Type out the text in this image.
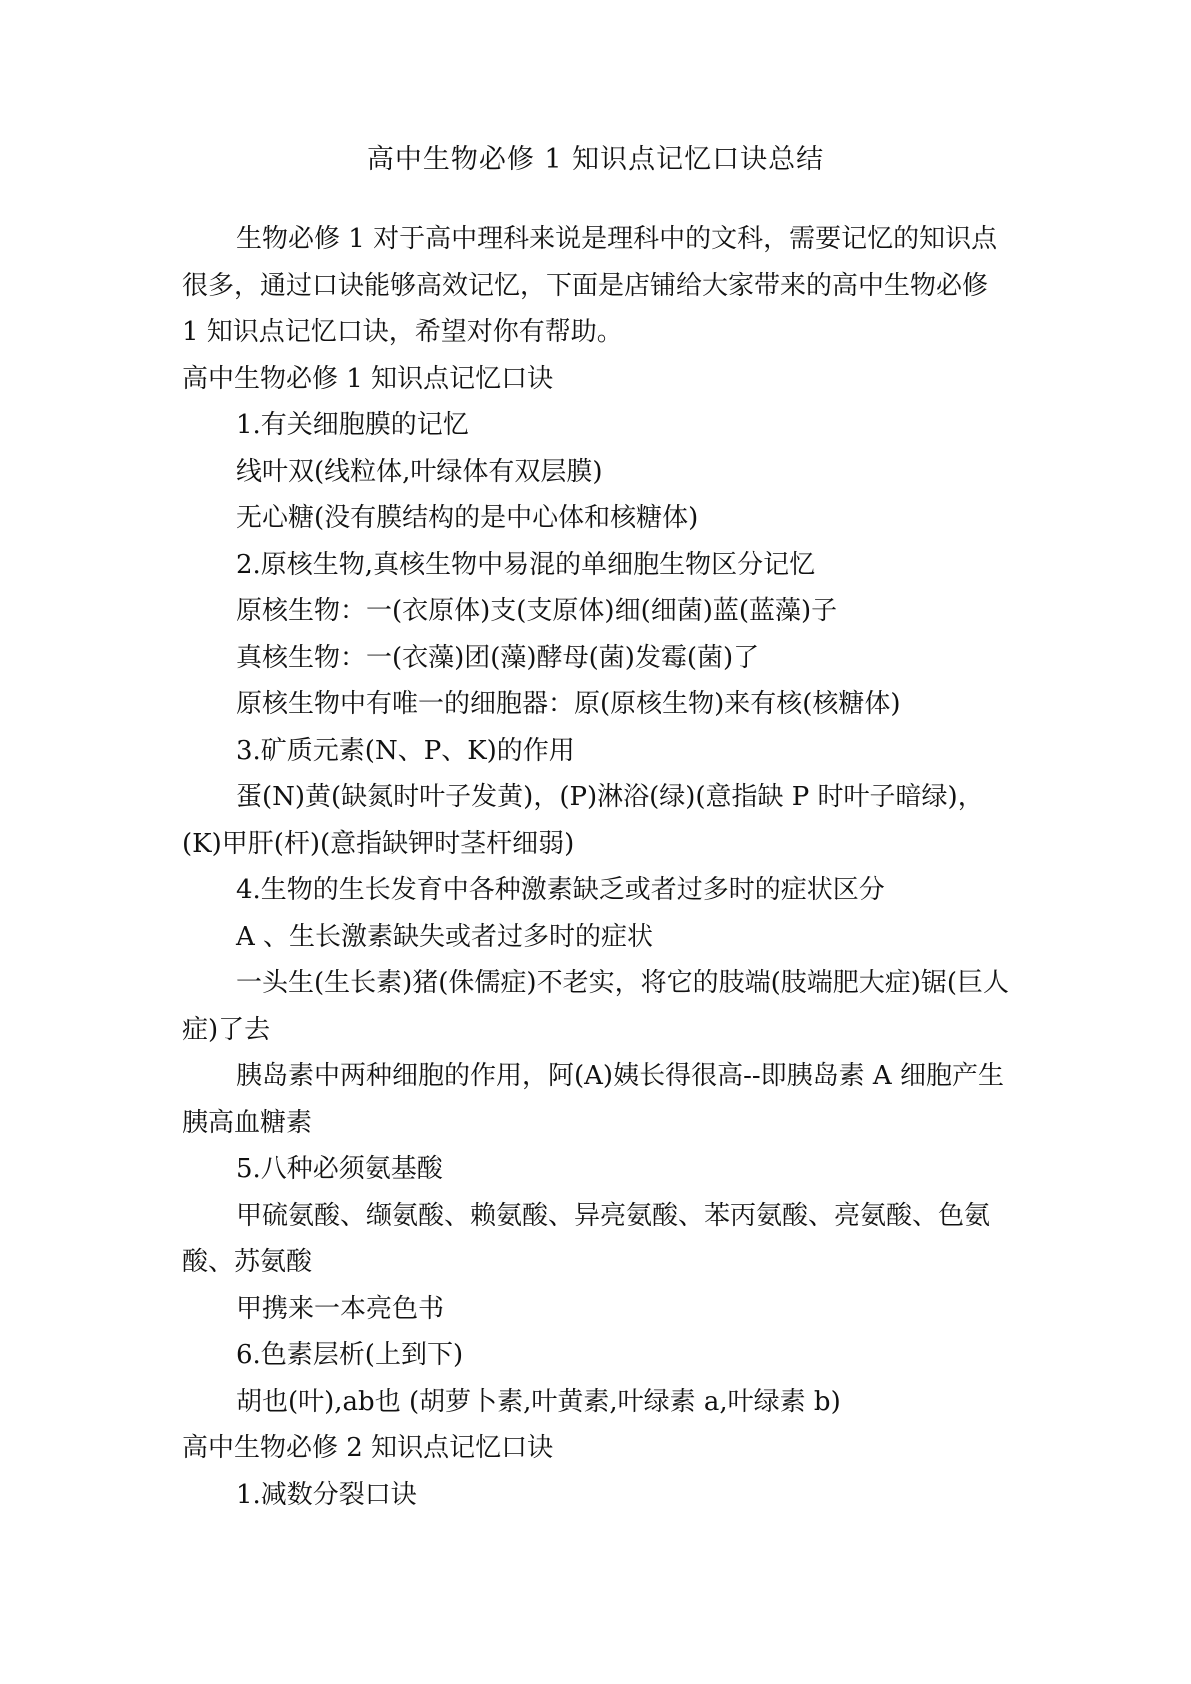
高中生物必修 1 知识点记忆口诀总结

生物必修 1 对于高中理科来说是理科中的文科，需要记忆的知识点很多，通过口诀能够高效记忆，下面是店铺给大家带来的高中生物必修 1 知识点记忆口诀，希望对你有帮助。

高中生物必修 1 知识点记忆口诀

1.有关细胞膜的记忆

线叶双(线粒体,叶绿体有双层膜)

无心糖(没有膜结构的是中心体和核糖体)

2.原核生物,真核生物中易混的单细胞生物区分记忆

原核生物：一(衣原体)支(支原体)细(细菌)蓝(蓝藻)子

真核生物：一(衣藻)团(藻)酵母(菌)发霉(菌)了

原核生物中有唯一的细胞器：原(原核生物)来有核(核糖体)

3.矿质元素(N、P、K)的作用

蛋(N)黄(缺氮时叶子发黄)，(P)淋浴(绿)(意指缺 P 时叶子暗绿)，(K)甲肝(杆)(意指缺钾时茎杆细弱)

4.生物的生长发育中各种激素缺乏或者过多时的症状区分

A 、生长激素缺失或者过多时的症状

一头生(生长素)猪(侏儒症)不老实，将它的肢端(肢端肥大症)锯(巨人症)了去

胰岛素中两种细胞的作用，阿(A)姨长得很高--即胰岛素 A 细胞产生胰高血糖素

5.八种必须氨基酸

甲硫氨酸、缬氨酸、赖氨酸、异亮氨酸、苯丙氨酸、亮氨酸、色氨酸、苏氨酸

甲携来一本亮色书

6.色素层析(上到下)

胡也(叶),ab也 (胡萝卜素,叶黄素,叶绿素 a,叶绿素 b)

高中生物必修 2 知识点记忆口诀

1.减数分裂口诀
